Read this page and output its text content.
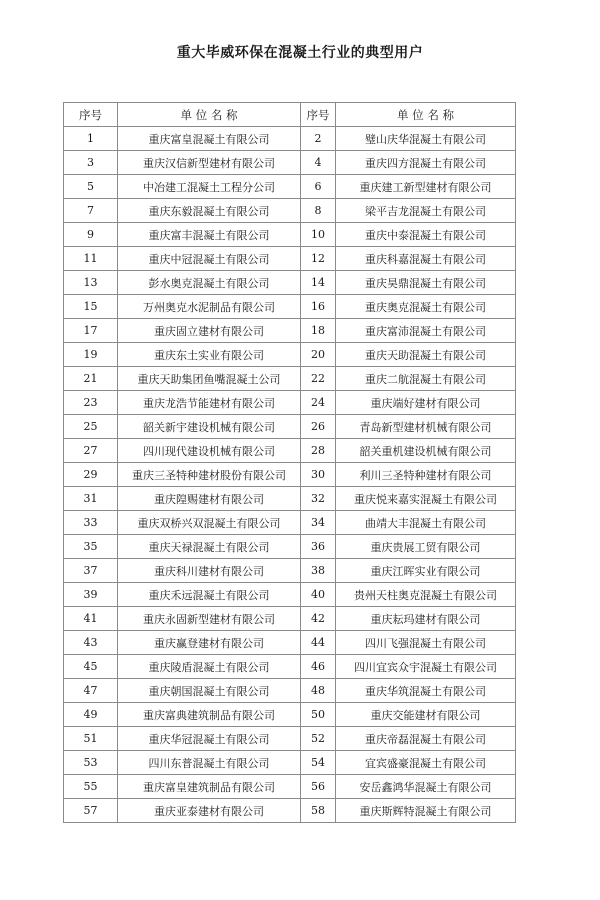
重大毕威环保在混凝土行业的典型用户
序号	单 位 名 称	序号	单 位 名 称
1	重庆富皇混凝土有限公司	2	璧山庆华混凝土有限公司
3	重庆汉信新型建材有限公司	4	重庆四方混凝土有限公司
5	中冶建工混凝土工程分公司	6	重庆建工新型建材有限公司
7	重庆东毅混凝土有限公司	8	梁平吉龙混凝土有限公司
9	重庆富丰混凝土有限公司	10	重庆中泰混凝土有限公司
11	重庆中冠混凝土有限公司	12	重庆科嘉混凝土有限公司
13	彭水奥克混凝土有限公司	14	重庆昊鼎混凝土有限公司
15	万州奥克水泥制品有限公司	16	重庆奥克混凝土有限公司
17	重庆固立建材有限公司	18	重庆富沛混凝土有限公司
19	重庆东土实业有限公司	20	重庆天助混凝土有限公司
21	重庆天助集团鱼嘴混凝土公司	22	重庆二航混凝土有限公司
23	重庆龙浩节能建材有限公司	24	重庆端好建材有限公司
25	韶关新宇建设机械有限公司	26	青岛新型建材机械有限公司
27	四川现代建设机械有限公司	28	韶关重机建设机械有限公司
29	重庆三圣特种建材股份有限公司	30	利川三圣特种建材有限公司
31	重庆隍赐建材有限公司	32	重庆悦来嘉实混凝土有限公司
33	重庆双桥兴双混凝土有限公司	34	曲靖大丰混凝土有限公司
35	重庆天禄混凝土有限公司	36	重庆贵展工贸有限公司
37	重庆科川建材有限公司	38	重庆江晖实业有限公司
39	重庆禾远混凝土有限公司	40	贵州天柱奥克混凝土有限公司
41	重庆永固新型建材有限公司	42	重庆耘玛建材有限公司
43	重庆赢登建材有限公司	44	四川飞强混凝土有限公司
45	重庆陵盾混凝土有限公司	46	四川宜宾众宇混凝土有限公司
47	重庆朝国混凝土有限公司	48	重庆华筑混凝土有限公司
49	重庆富典建筑制品有限公司	50	重庆交能建材有限公司
51	重庆华冠混凝土有限公司	52	重庆帝磊混凝土有限公司
53	四川东普混凝土有限公司	54	宜宾盛豪混凝土有限公司
55	重庆富皇建筑制品有限公司	56	安岳鑫鸿华混凝土有限公司
57	重庆亚泰建材有限公司	58	重庆斯辉特混凝土有限公司
